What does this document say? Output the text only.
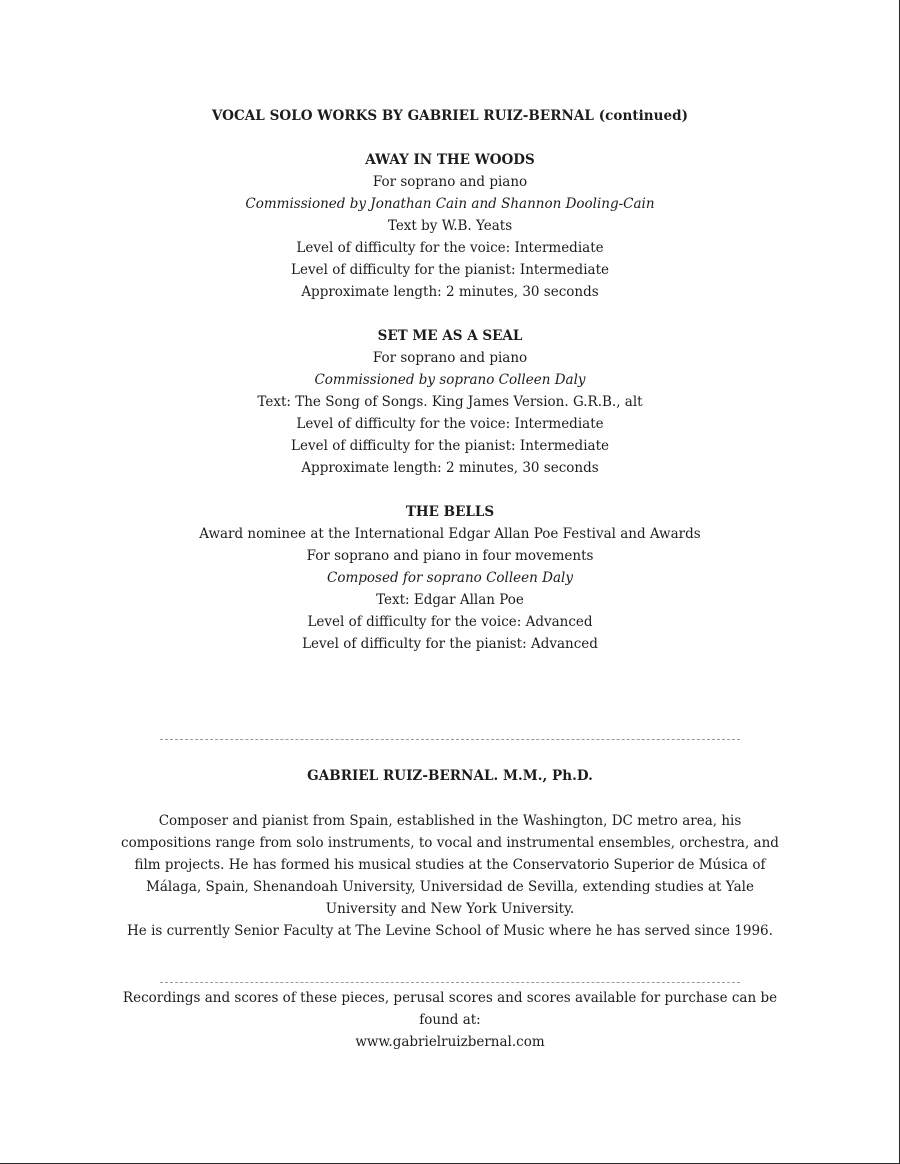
VOCAL SOLO WORKS BY GABRIEL RUIZ-BERNAL (continued)
AWAY IN THE WOODS
For soprano and piano
Commissioned by Jonathan Cain and Shannon Dooling-Cain
Text by W.B. Yeats
Level of difficulty for the voice: Intermediate
Level of difficulty for the pianist: Intermediate
Approximate length: 2 minutes, 30 seconds
SET ME AS A SEAL
For soprano and piano
Commissioned by soprano Colleen Daly
Text: The Song of Songs. King James Version. G.R.B., alt
Level of difficulty for the voice: Intermediate
Level of difficulty for the pianist: Intermediate
Approximate length: 2 minutes, 30 seconds
THE BELLS
Award nominee at the International Edgar Allan Poe Festival and Awards
For soprano and piano in four movements
Composed for soprano Colleen Daly
Text: Edgar Allan Poe
Level of difficulty for the voice: Advanced
Level of difficulty for the pianist: Advanced
GABRIEL RUIZ-BERNAL. M.M., Ph.D.
Composer and pianist from Spain, established in the Washington, DC metro area, his
compositions range from solo instruments, to vocal and instrumental ensembles, orchestra, and
film projects. He has formed his musical studies at the Conservatorio Superior de Música of
Málaga, Spain, Shenandoah University, Universidad de Sevilla, extending studies at Yale
University and New York University.
He is currently Senior Faculty at The Levine School of Music where he has served since 1996.
Recordings and scores of these pieces, perusal scores and scores available for purchase can be
found at:
www.gabrielruizbernal.com
